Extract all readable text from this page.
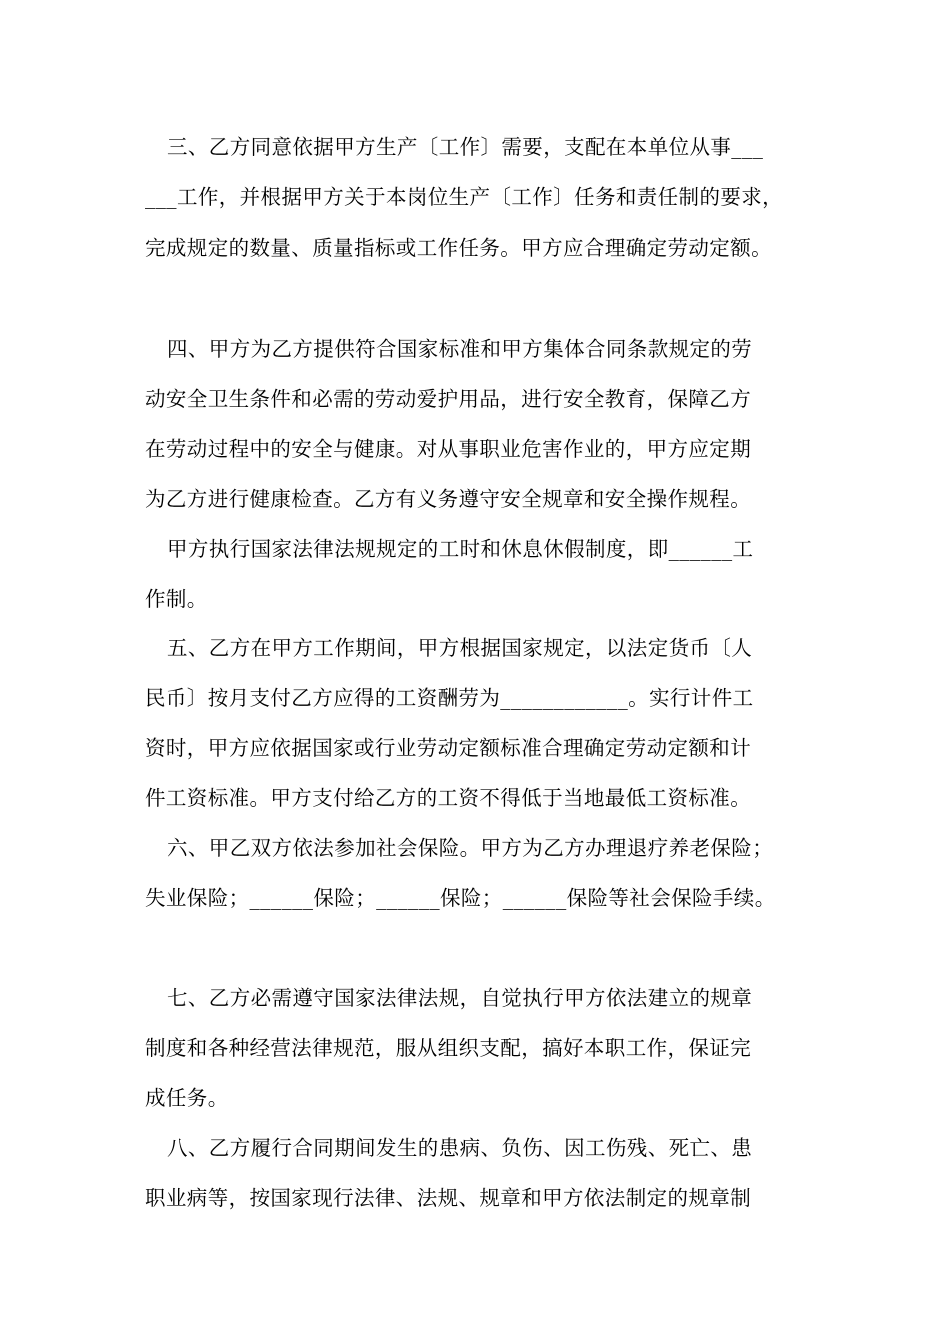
三、乙方同意依据甲方生产〔工作〕需要，支配在本单位从事___
___工作，并根据甲方关于本岗位生产〔工作〕任务和责任制的要求，
完成规定的数量、质量指标或工作任务。甲方应合理确定劳动定额。
四、甲方为乙方提供符合国家标准和甲方集体合同条款规定的劳
动安全卫生条件和必需的劳动爱护用品，进行安全教育，保障乙方
在劳动过程中的安全与健康。对从事职业危害作业的，甲方应定期
为乙方进行健康检查。乙方有义务遵守安全规章和安全操作规程。
甲方执行国家法律法规规定的工时和休息休假制度，即______工
作制。
五、乙方在甲方工作期间，甲方根据国家规定，以法定货币〔人
民币〕按月支付乙方应得的工资酬劳为____________。实行计件工
资时，甲方应依据国家或行业劳动定额标准合理确定劳动定额和计
件工资标准。甲方支付给乙方的工资不得低于当地最低工资标准。
六、甲乙双方依法参加社会保险。甲方为乙方办理退疗养老保险；
失业保险；______保险；______保险；______保险等社会保险手续。
七、乙方必需遵守国家法律法规，自觉执行甲方依法建立的规章
制度和各种经营法律规范，服从组织支配，搞好本职工作，保证完
成任务。
八、乙方履行合同期间发生的患病、负伤、因工伤残、死亡、患
职业病等，按国家现行法律、法规、规章和甲方依法制定的规章制
